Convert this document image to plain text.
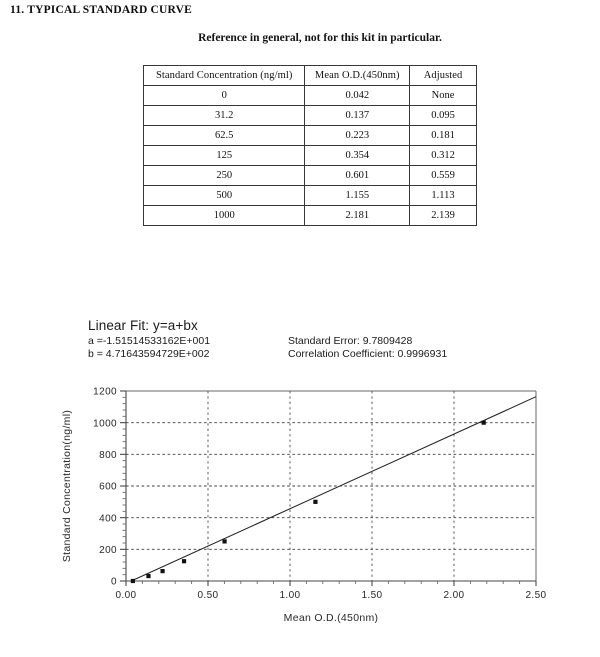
11. TYPICAL STANDARD CURVE
Reference in general, not for this kit in particular.
Standard Concentration (ng/ml)	Mean O.D.(450nm)	Adjusted
0	0.042	None
31.2	0.137	0.095
62.5	0.223	0.181
125	0.354	0.312
250	0.601	0.559
500	1.155	1.113
1000	2.181	2.139
Linear Fit: y=a+bx
a =-1.51514533162E+001	Standard Error: 9.7809428
b = 4.71643594729E+002	Correlation Coefficient: 0.9996931
0
200
400
600
800
1000
1200
0.00	0.50	1.00	1.50	2.00	2.50
Mean O.D.(450nm)
Standard Concentration(ng/ml)
